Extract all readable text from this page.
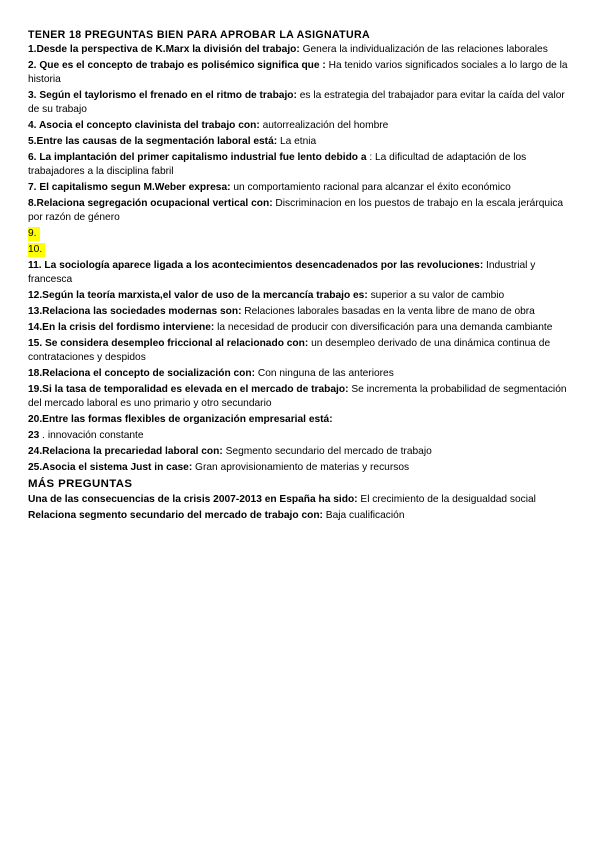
TENER 18 PREGUNTAS BIEN PARA APROBAR LA ASIGNATURA
1.Desde la perspectiva de K.Marx la división del trabajo: Genera la individualización de las relaciones laborales
2. Que es el concepto de trabajo es polisémico significa que : Ha tenido varios significados sociales a lo largo de la historia
3. Según el taylorismo el frenado en el ritmo de trabajo: es la estrategia del trabajador para evitar la caída del valor de su trabajo
4. Asocia el concepto clavinista del trabajo con: autorrealización del hombre
5.Entre las causas de la segmentación laboral está: La etnia
6. La implantación del primer capitalismo industrial fue lento debido a : La dificultad de adaptación de los trabajadores a la disciplina fabril
7. El capitalismo segun M.Weber expresa: un comportamiento racional para alcanzar el éxito económico
8.Relaciona segregación ocupacional vertical con: Discriminacion en los puestos de trabajo en la escala jerárquica por razón de género
9.
10.
11. La sociología aparece ligada a los acontecimientos desencadenados por las revoluciones: Industrial y francesca
12.Según la teoría marxista,el valor de uso de la mercancía trabajo es: superior a su valor de cambio
13.Relaciona las sociedades modernas son: Relaciones laborales basadas en la venta libre de mano de obra
14.En la crisis del fordismo interviene: la necesidad de producir con diversificación para una demanda cambiante
15. Se considera desempleo friccional al relacionado con: un desempleo derivado de una dinámica continua de contrataciones y despidos
18.Relaciona el concepto de socialización con: Con ninguna de las anteriores
19.Si la tasa de temporalidad es elevada en el mercado de trabajo: Se incrementa la probabilidad de segmentación del mercado laboral es uno primario y otro secundario
20.Entre las formas flexibles de organización empresarial está:
23 . innovación constante
24.Relaciona la precariedad laboral con: Segmento secundario del mercado de trabajo
25.Asocia el sistema Just in case: Gran aprovisionamiento de materias y recursos
MÁS PREGUNTAS
Una de las consecuencias de la crisis 2007-2013 en España ha sido: El crecimiento de la desigualdad social
Relaciona segmento secundario del mercado de trabajo con: Baja cualificación
